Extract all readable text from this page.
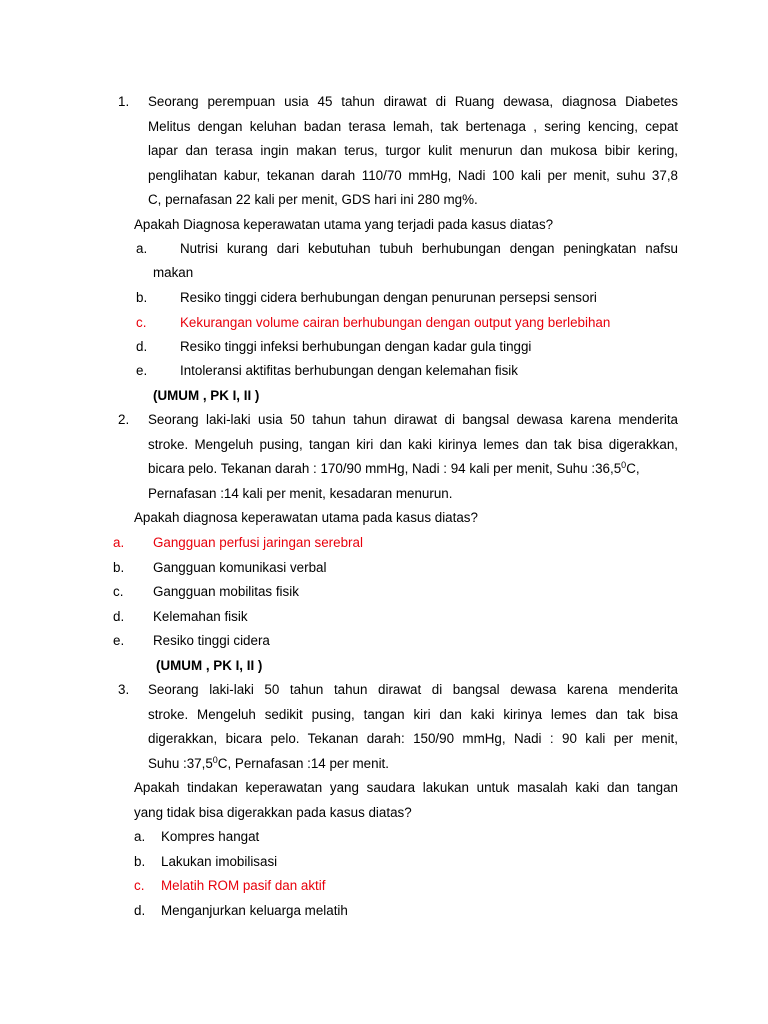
1. Seorang perempuan usia 45 tahun dirawat di Ruang dewasa, diagnosa Diabetes
Melitus dengan keluhan badan terasa lemah, tak bertenaga , sering kencing, cepat
lapar dan terasa ingin makan terus, turgor kulit menurun dan mukosa bibir kering,
penglihatan kabur, tekanan darah 110/70 mmHg, Nadi 100 kali per menit, suhu 37,8
C, pernafasan 22 kali per menit, GDS hari ini 280 mg%.
Apakah Diagnosa keperawatan utama yang terjadi pada kasus diatas?
a. Nutrisi kurang dari kebutuhan tubuh berhubungan dengan peningkatan nafsu
makan
b. Resiko tinggi cidera berhubungan dengan penurunan persepsi sensori
c.	Kekurangan volume cairan berhubungan dengan output yang berlebihan
d. Resiko tinggi infeksi berhubungan dengan kadar gula tinggi
e. Intoleransi aktifitas berhubungan dengan kelemahan fisik
(UMUM , PK I, II )
2. Seorang laki-laki usia 50 tahun tahun dirawat di bangsal dewasa karena menderita
stroke. Mengeluh pusing, tangan kiri dan kaki kirinya lemes dan tak bisa digerakkan,
bicara pelo. Tekanan darah : 170/90 mmHg, Nadi : 94 kali per menit, Suhu :36,5$^0$C,
Pernafasan :14 kali per menit, kesadaran menurun.
Apakah diagnosa keperawatan utama pada kasus diatas?
a. Gangguan perfusi jaringan serebral
b. Gangguan komunikasi verbal
c. Gangguan mobilitas fisik
d. Kelemahan fisik
e. Resiko tinggi cidera
(UMUM , PK I, II )
3. Seorang laki-laki 50 tahun tahun dirawat di bangsal dewasa karena menderita
stroke. Mengeluh sedikit pusing, tangan kiri dan kaki kirinya lemes dan tak bisa
digerakkan, bicara pelo. Tekanan darah: 150/90 mmHg, Nadi : 90 kali per menit,
Suhu :37,5$^0$C, Pernafasan :14 per menit.
Apakah tindakan keperawatan yang saudara lakukan untuk masalah kaki dan tangan
yang tidak bisa digerakkan pada kasus diatas?
a. Kompres hangat
b. Lakukan imobilisasi
c. Melatih ROM pasif dan aktif
d. Menganjurkan keluarga melatih
